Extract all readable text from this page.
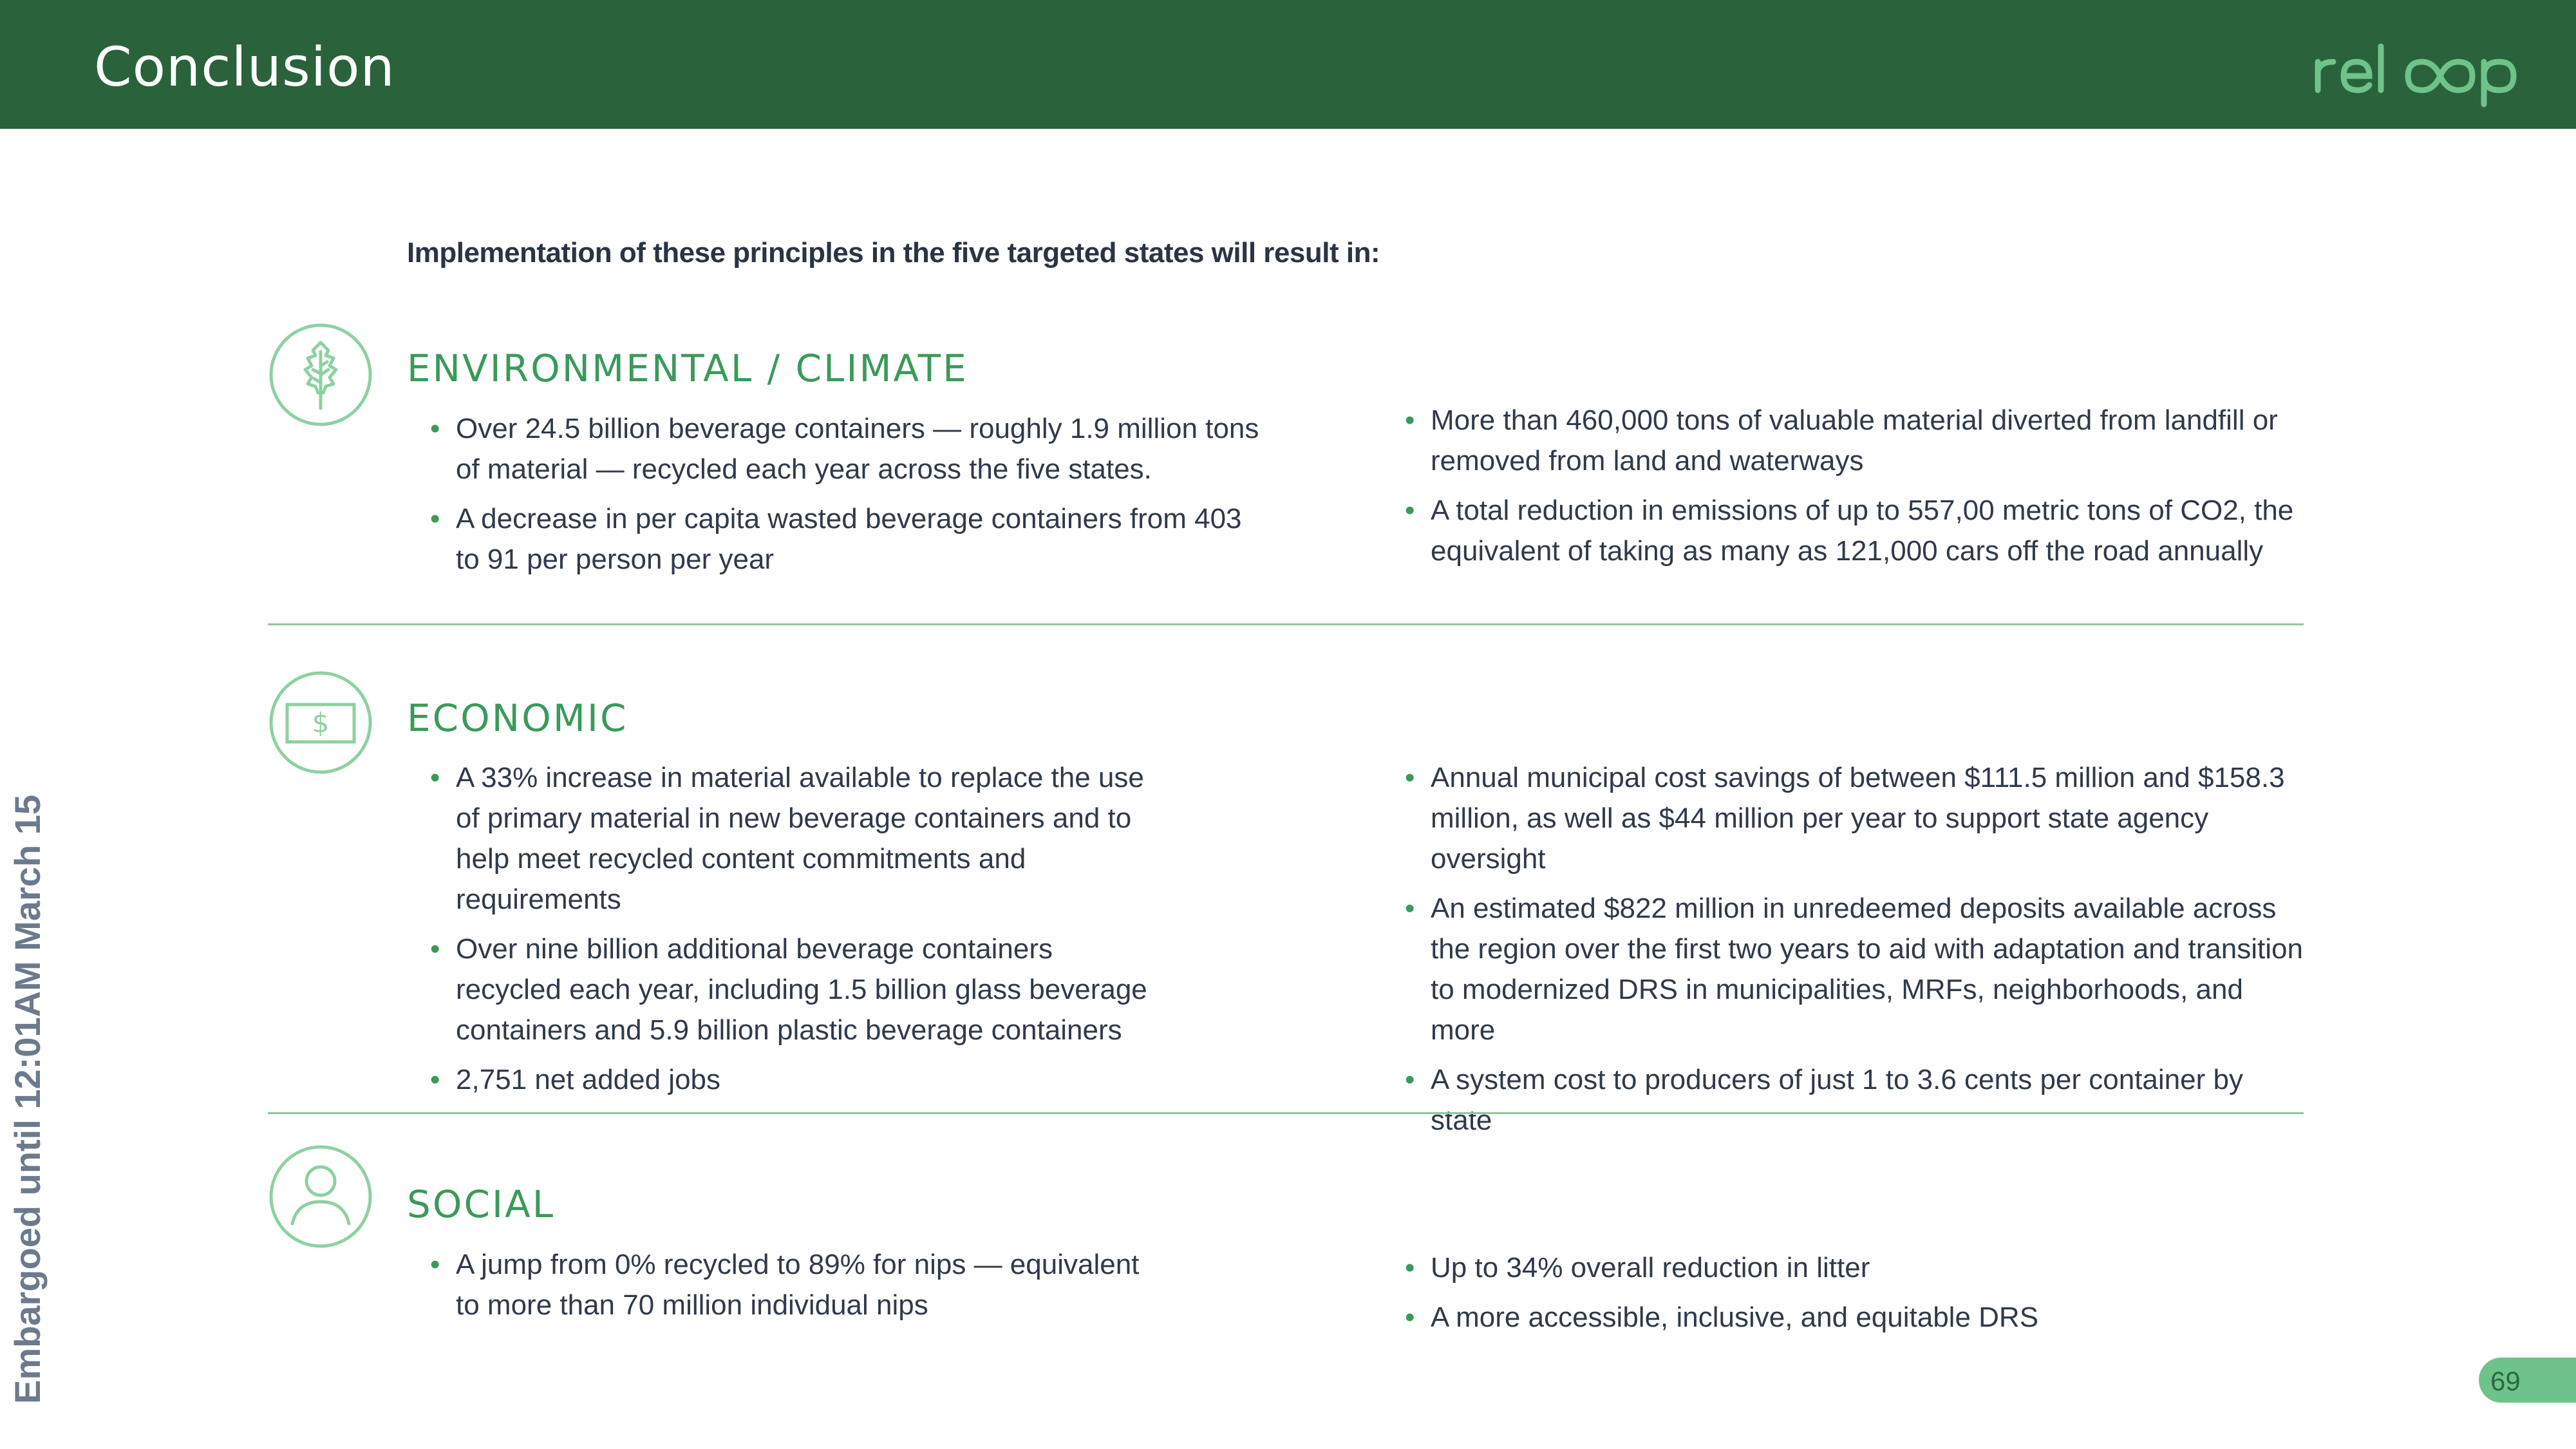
Conclusion
Implementation of these principles in the five targeted states will result in:
ENVIRONMENTAL / CLIMATE
• Over 24.5 billion beverage containers — roughly 1.9 million tons of material — recycled each year across the five states.
• A decrease in per capita wasted beverage containers from 403 to 91 per person per year
• More than 460,000 tons of valuable material diverted from landfill or removed from land and waterways
• A total reduction in emissions of up to 557,00 metric tons of CO2, the equivalent of taking as many as 121,000 cars off the road annually
$ ECONOMIC
• A 33% increase in material available to replace the use of primary material in new beverage containers and to help meet recycled content commitments and requirements
• Over nine billion additional beverage containers recycled each year, including 1.5 billion glass beverage containers and 5.9 billion plastic beverage containers
• 2,751 net added jobs
• Annual municipal cost savings of between $111.5 million and $158.3 million, as well as $44 million per year to support state agency oversight
• An estimated $822 million in unredeemed deposits available across the region over the first two years to aid with adaptation and transition to modernized DRS in municipalities, MRFs, neighborhoods, and more
• A system cost to producers of just 1 to 3.6 cents per container by state
SOCIAL
• A jump from 0% recycled to 89% for nips — equivalent to more than 70 million individual nips
• Up to 34% overall reduction in litter
• A more accessible, inclusive, and equitable DRS
Embargoed until 12:01AM March 15	69
